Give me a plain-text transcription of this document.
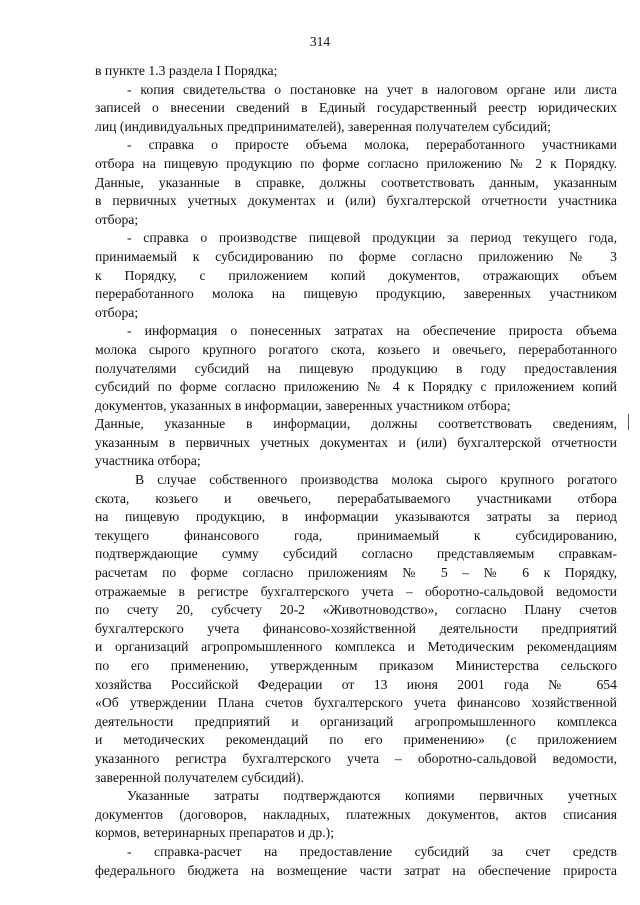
314
в пункте 1.3 раздела I Порядка;
- копия свидетельства о постановке на учет в налоговом органе или листа
записей о внесении сведений в Единый государственный реестр юридических
лиц (индивидуальных предпринимателей), заверенная получателем субсидий;
- справка о приросте объема молока, переработанного участниками
отбора на пищевую продукцию по форме согласно приложению № 2 к Порядку.
Данные, указанные в справке, должны соответствовать данным, указанным
в первичных учетных документах и (или) бухгалтерской отчетности участника
отбора;
- справка о производстве пищевой продукции за период текущего года,
принимаемый к субсидированию по форме согласно приложению № 3
к Порядку, с приложением копий документов, отражающих объем
переработанного молока на пищевую продукцию, заверенных участником
отбора;
- информация о понесенных затратах на обеспечение прироста объема
молока сырого крупного рогатого скота, козьего и овечьего, переработанного
получателями субсидий на пищевую продукцию в году предоставления
субсидий по форме согласно приложению № 4 к Порядку с приложением копий
документов, указанных в информации, заверенных участником отбора;
Данные, указанные в информации, должны соответствовать сведениям,
указанным в первичных учетных документах и (или) бухгалтерской отчетности
участника отбора;
В случае собственного производства молока сырого крупного рогатого
скота, козьего и овечьего, перерабатываемого участниками отбора
на пищевую продукцию, в информации указываются затраты за период
текущего финансового года, принимаемый к субсидированию,
подтверждающие сумму субсидий согласно представляемым справкам-
расчетам по форме согласно приложениям № 5 – № 6 к Порядку,
отражаемые в регистре бухгалтерского учета – оборотно-сальдовой ведомости
по счету 20, субсчету 20-2 «Животноводство», согласно Плану счетов
бухгалтерского учета финансово-хозяйственной деятельности предприятий
и организаций агропромышленного комплекса и Методическим рекомендациям
по его применению, утвержденным приказом Министерства сельского
хозяйства Российской Федерации от 13 июня 2001 года № 654
«Об утверждении Плана счетов бухгалтерского учета финансово хозяйственной
деятельности предприятий и организаций агропромышленного комплекса
и методических рекомендаций по его применению» (с приложением
указанного регистра бухгалтерского учета – оборотно-сальдовой ведомости,
заверенной получателем субсидий).
Указанные затраты подтверждаются копиями первичных учетных
документов (договоров, накладных, платежных документов, актов списания
кормов, ветеринарных препаратов и др.);
- справка-расчет на предоставление субсидий за счет средств
федерального бюджета на возмещение части затрат на обеспечение прироста
